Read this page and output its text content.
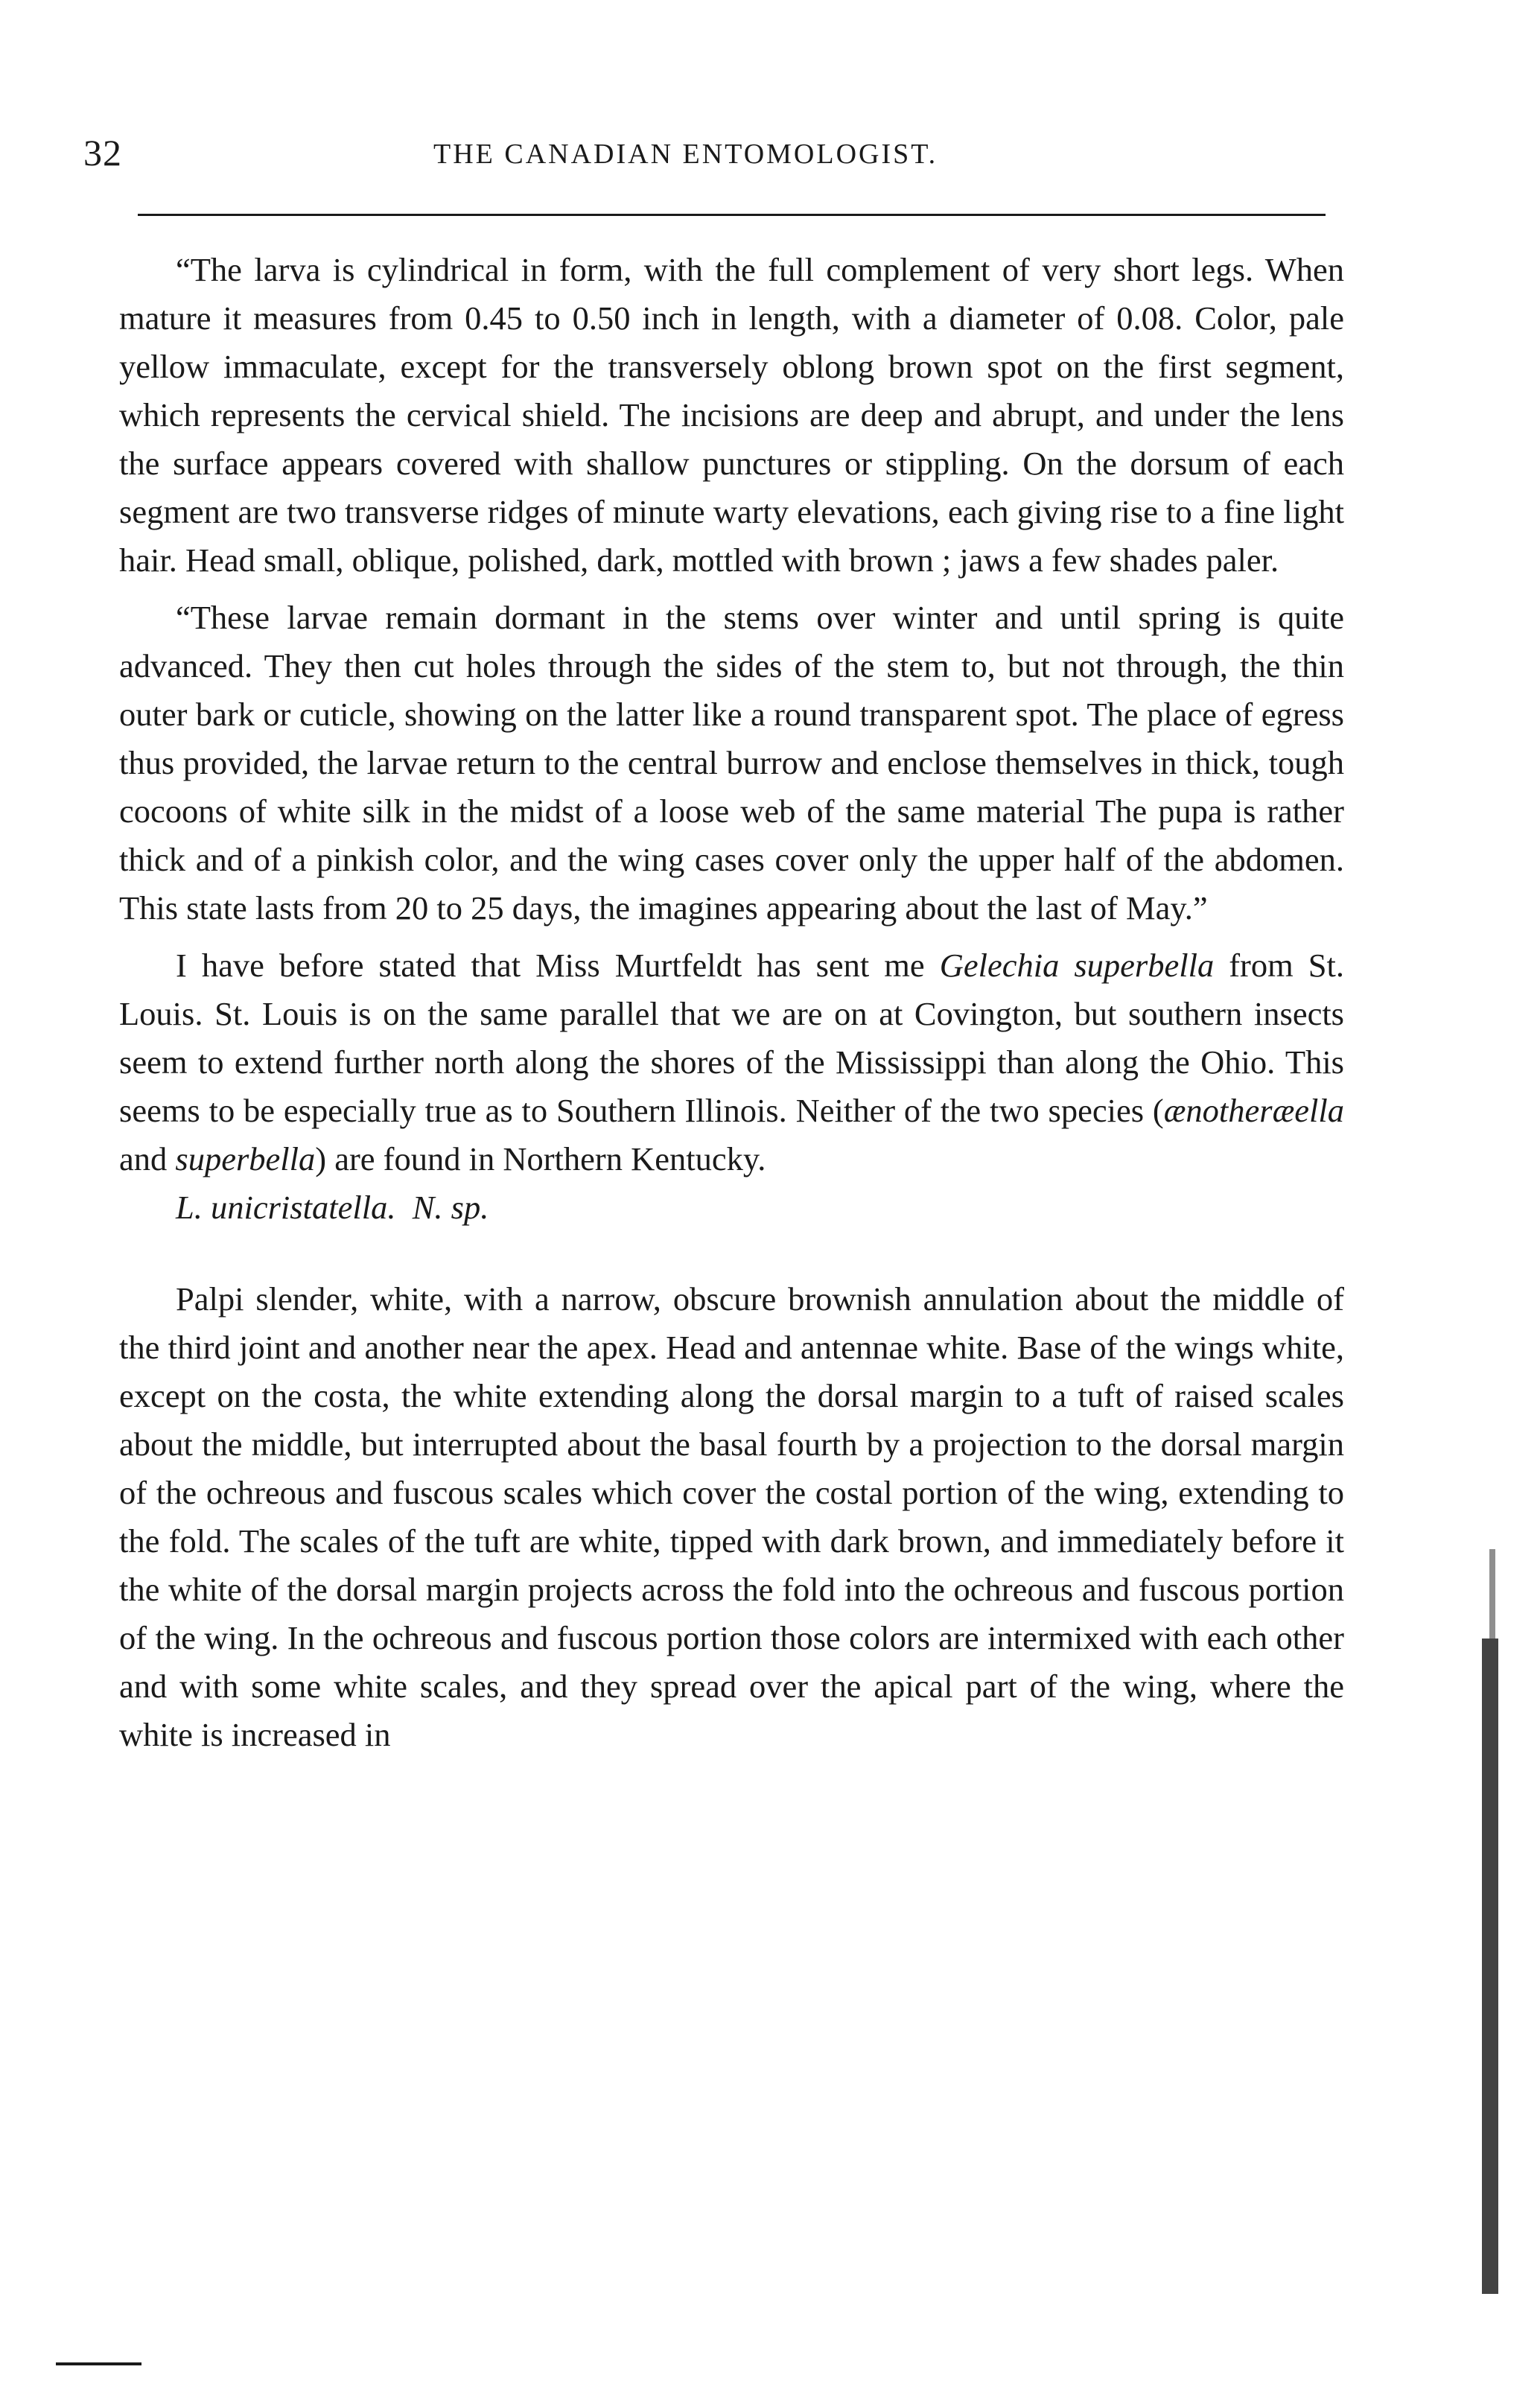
32	THE CANADIAN ENTOMOLOGIST.

“The larva is cylindrical in form, with the full complement of very short legs. When mature it measures from 0.45 to 0.50 inch in length, with a diameter of 0.08. Color, pale yellow immaculate, except for the transversely oblong brown spot on the first segment, which represents the cervical shield. The incisions are deep and abrupt, and under the lens the surface appears covered with shallow punctures or stippling. On the dorsum of each segment are two transverse ridges of minute warty elevations, each giving rise to a fine light hair. Head small, oblique, polished, dark, mottled with brown ; jaws a few shades paler.

“These larvae remain dormant in the stems over winter and until spring is quite advanced. They then cut holes through the sides of the stem to, but not through, the thin outer bark or cuticle, showing on the latter like a round transparent spot. The place of egress thus provided, the larvae return to the central burrow and enclose themselves in thick, tough cocoons of white silk in the midst of a loose web of the same material The pupa is rather thick and of a pinkish color, and the wing cases cover only the upper half of the abdomen. This state lasts from 20 to 25 days, the imagines appearing about the last of May.”

I have before stated that Miss Murtfeldt has sent me Gelechia superbella from St. Louis. St. Louis is on the same parallel that we are on at Covington, but southern insects seem to extend further north along the shores of the Mississippi than along the Ohio. This seems to be especially true as to Southern Illinois. Neither of the two species (ænotheræella and superbella) are found in Northern Kentucky.

L. unicristatella. N. sp.

Palpi slender, white, with a narrow, obscure brownish annulation about the middle of the third joint and another near the apex. Head and antennae white. Base of the wings white, except on the costa, the white extending along the dorsal margin to a tuft of raised scales about the middle, but interrupted about the basal fourth by a projection to the dorsal margin of the ochreous and fuscous scales which cover the costal portion of the wing, extending to the fold. The scales of the tuft are white, tipped with dark brown, and immediately before it the white of the dorsal margin projects across the fold into the ochreous and fuscous portion of the wing. In the ochreous and fuscous portion those colors are intermixed with each other and with some white scales, and they spread over the apical part of the wing, where the white is increased in
